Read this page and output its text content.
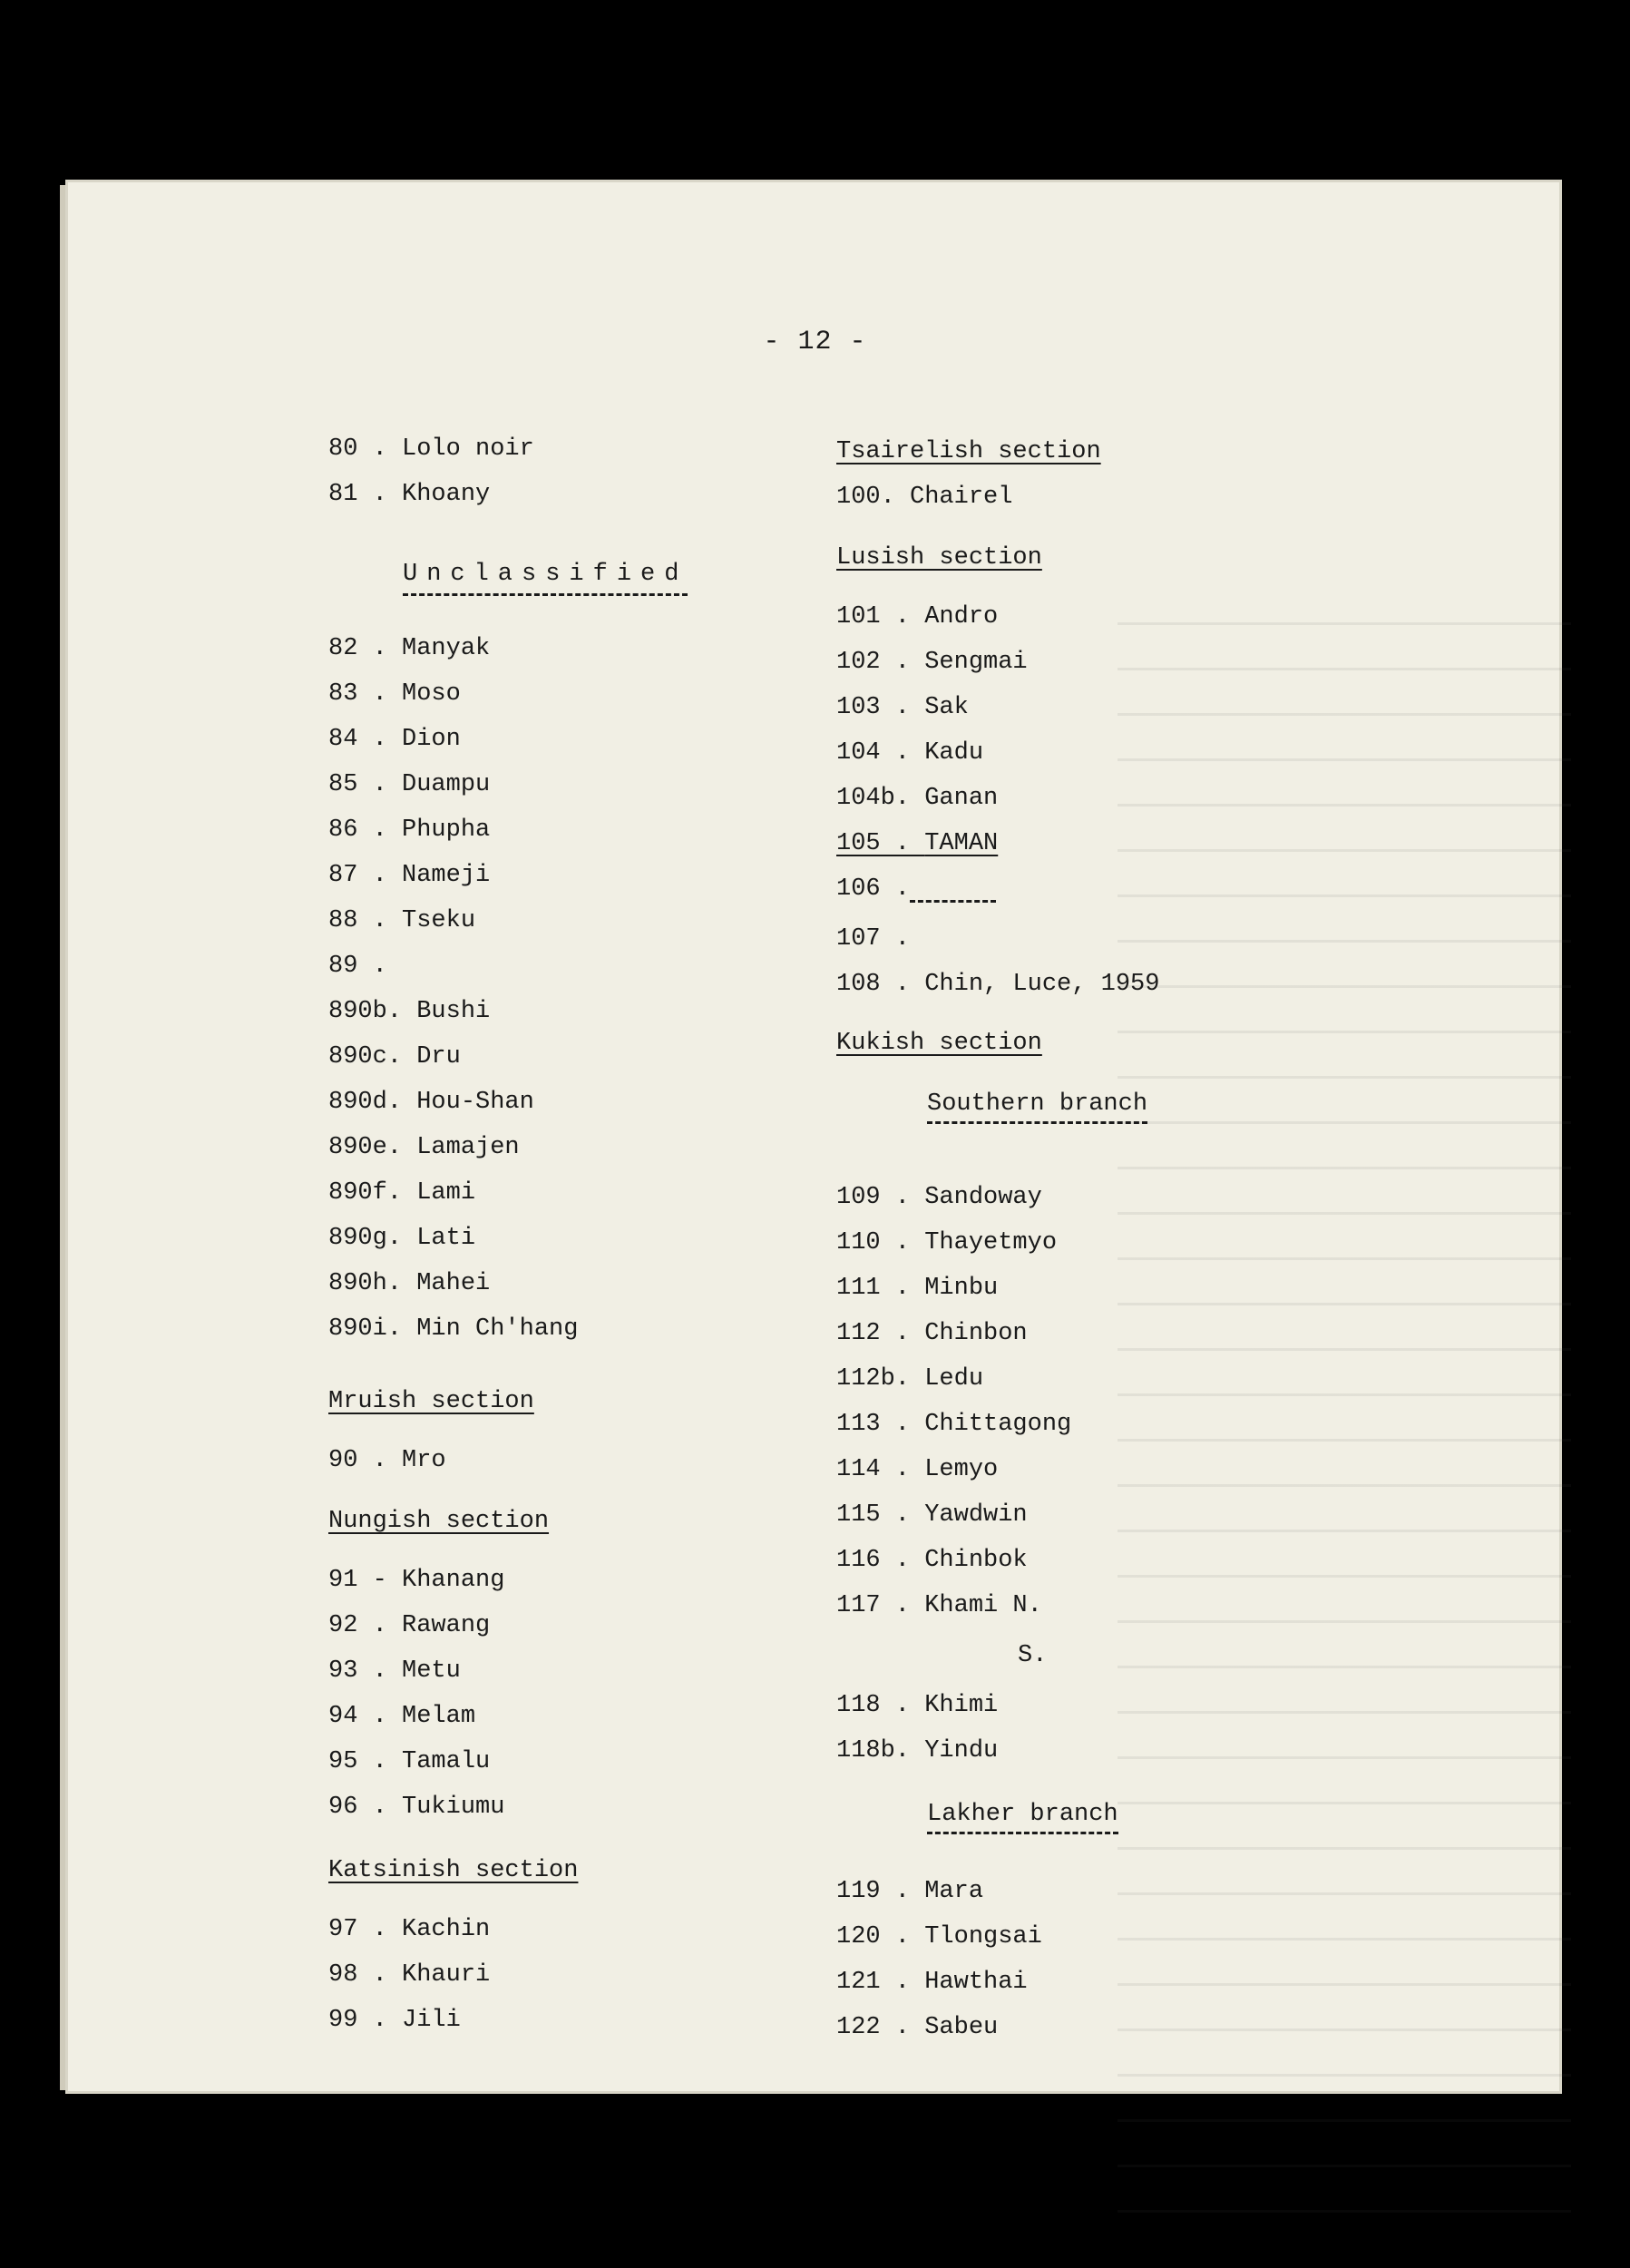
- 12 -
80 . Lolo noir
81 . Khoany
Unclassified
82 . Manyak
83 . Moso
84 . Dion
85 . Duampu
86 . Phupha
87 . Nameji
88 . Tseku
89 .
890b. Bushi
890c. Dru
890d. Hou-Shan
890e. Lamajen
890f. Lami
890g. Lati
890h. Mahei
890i. Min Ch'hang
Mruish section
90 . Mro
Nungish section
91 - Khanang
92 . Rawang
93 . Metu
94 . Melam
95 . Tamalu
96 . Tukiumu
Katsinish section
97 . Kachin
98 . Khauri
99 . Jili
Tsairelish section
100. Chairel
Lusish section
101 . Andro
102 . Sengmai
103 . Sak
104 . Kadu
104b. Ganan
105 . TAMAN
106 .
107 .
108 . Chin, Luce, 1959
Kukish section
Southern branch
109 . Sandoway
110 . Thayetmyo
111 . Minbu
112 . Chinbon
112b. Ledu
113 . Chittagong
114 . Lemyo
115 . Yawdwin
116 . Chinbok
117 . Khami N.
S.
118 . Khimi
118b. Yindu
Lakher branch
119 . Mara
120 . Tlongsai
121 . Hawthai
122 . Sabeu
